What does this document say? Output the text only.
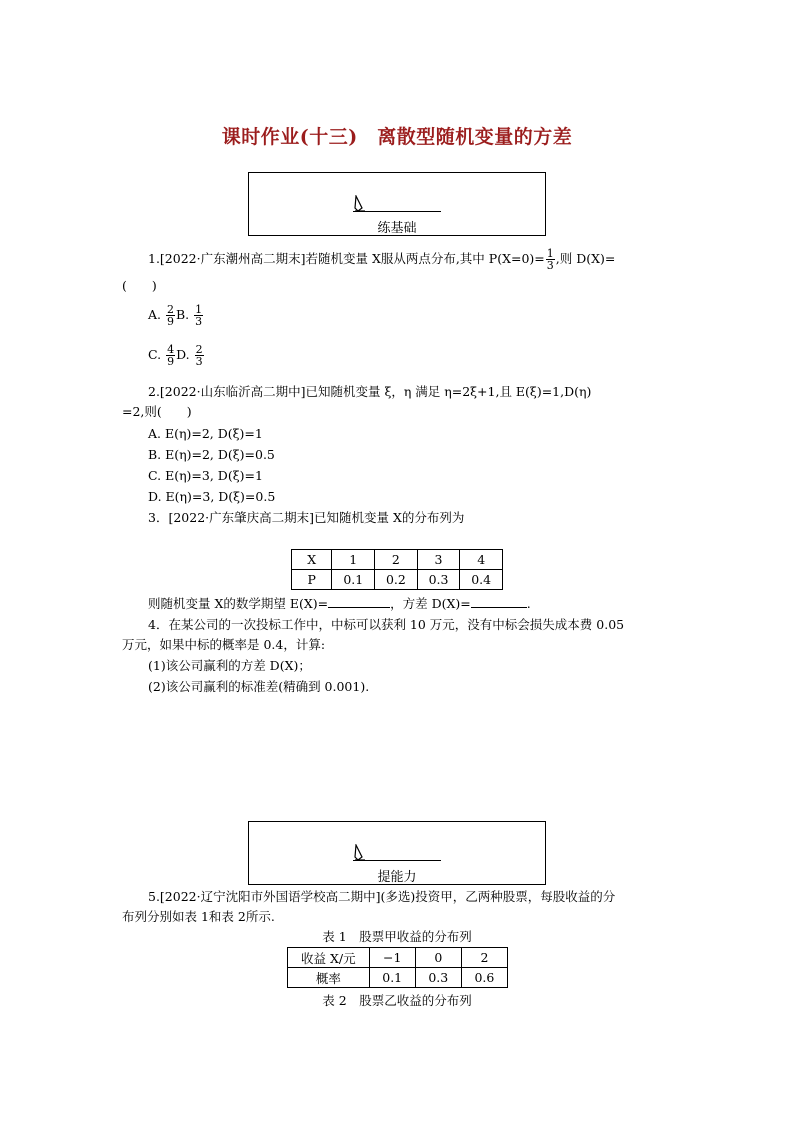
课时作业(十三)　离散型随机变量的方差
练基础
1.[2022·广东潮州高二期末]若随机变量 X服从两点分布,其中 $P(X=0)= \frac{1}{3}$ ,则 D(X)=
(　　)
A. $\frac{2}{9} B$. $\frac{1}{3}$
C. $\frac{4}{9} D$. $\frac{2}{3}$
2.[2022·山东临沂高二期中]已知随机变量 ξ，η 满足 η=2ξ+1,且 E(ξ)=1,D(η)
=2,则(　　)
A. E(η)=2, D(ξ)=1
B. E(η)=2, D(ξ)=0.5
C. E(η)=3, D(ξ)=1
D. E(η)=3, D(ξ)=0.5
3．[2022·广东肇庆高二期末]已知随机变量 X的分布列为
X	1	2	3	4
P	0.1	0.2	0.3	0.4
则随机变量 X的数学期望 E(X)=	，方差 D(X)=	.
4．在某公司的一次投标工作中，中标可以获利 10 万元，没有中标会损失成本费 0.05
万元，如果中标的概率是 0.4，计算:
(1)该公司赢利的方差 D(X)；
(2)该公司赢利的标准差(精确到 0.001).
提能力
5.[2022·辽宁沈阳市外国语学校高二期中](多选)投资甲，乙两种股票，每股收益的分
布列分别如表 1和表 2所示.
表 1　股票甲收益的分布列
收益 X/元	−1	0	2
概率	0.1	0.3	0.6
表 2　股票乙收益的分布列
